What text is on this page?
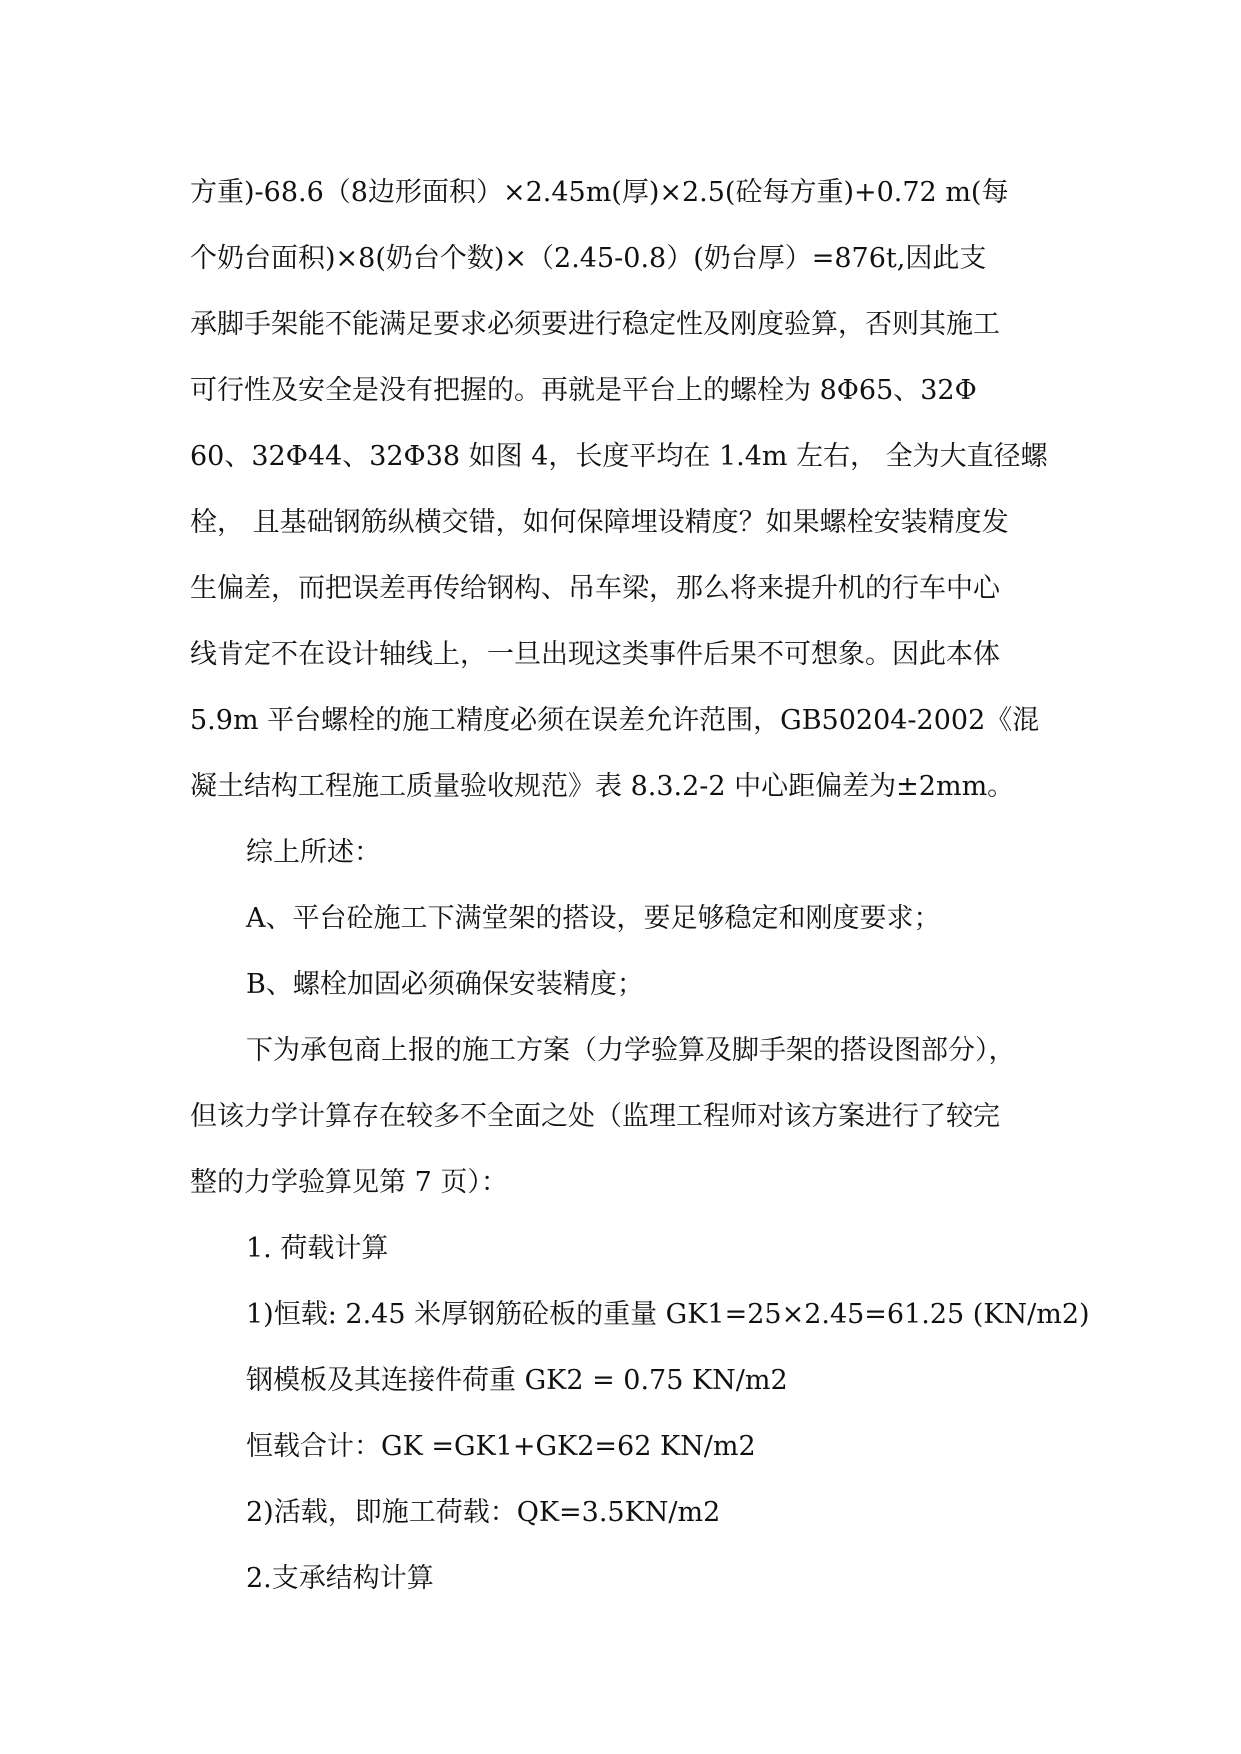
方重)-68.6（8边形面积）×2.45m(厚)×2.5(砼每方重)+0.72 m(每
个奶台面积)×8(奶台个数)×（2.45-0.8）(奶台厚）=876t,因此支
承脚手架能不能满足要求必须要进行稳定性及刚度验算，否则其施工
可行性及安全是没有把握的。再就是平台上的螺栓为 8Φ65、32Φ
60、32Φ44、32Φ38 如图 4，长度平均在 1.4m 左右， 全为大直径螺
栓， 且基础钢筋纵横交错，如何保障埋设精度？如果螺栓安装精度发
生偏差，而把误差再传给钢构、吊车梁，那么将来提升机的行车中心
线肯定不在设计轴线上，一旦出现这类事件后果不可想象。因此本体
5.9m 平台螺栓的施工精度必须在误差允许范围，GB50204-2002《混
凝土结构工程施工质量验收规范》表 8.3.2-2 中心距偏差为±2mm。
综上所述：
A、平台砼施工下满堂架的搭设，要足够稳定和刚度要求；
B、螺栓加固必须确保安装精度；
下为承包商上报的施工方案（力学验算及脚手架的搭设图部分），
但该力学计算存在较多不全面之处（监理工程师对该方案进行了较完
整的力学验算见第 7 页）：
1. 荷载计算
1)恒载: 2.45 米厚钢筋砼板的重量 GK1=25×2.45=61.25 (KN/m2)
钢模板及其连接件荷重 GK2 = 0.75 KN/m2
恒载合计：GK =GK1+GK2=62 KN/m2
2)活载，即施工荷载：QK=3.5KN/m2
2.支承结构计算
